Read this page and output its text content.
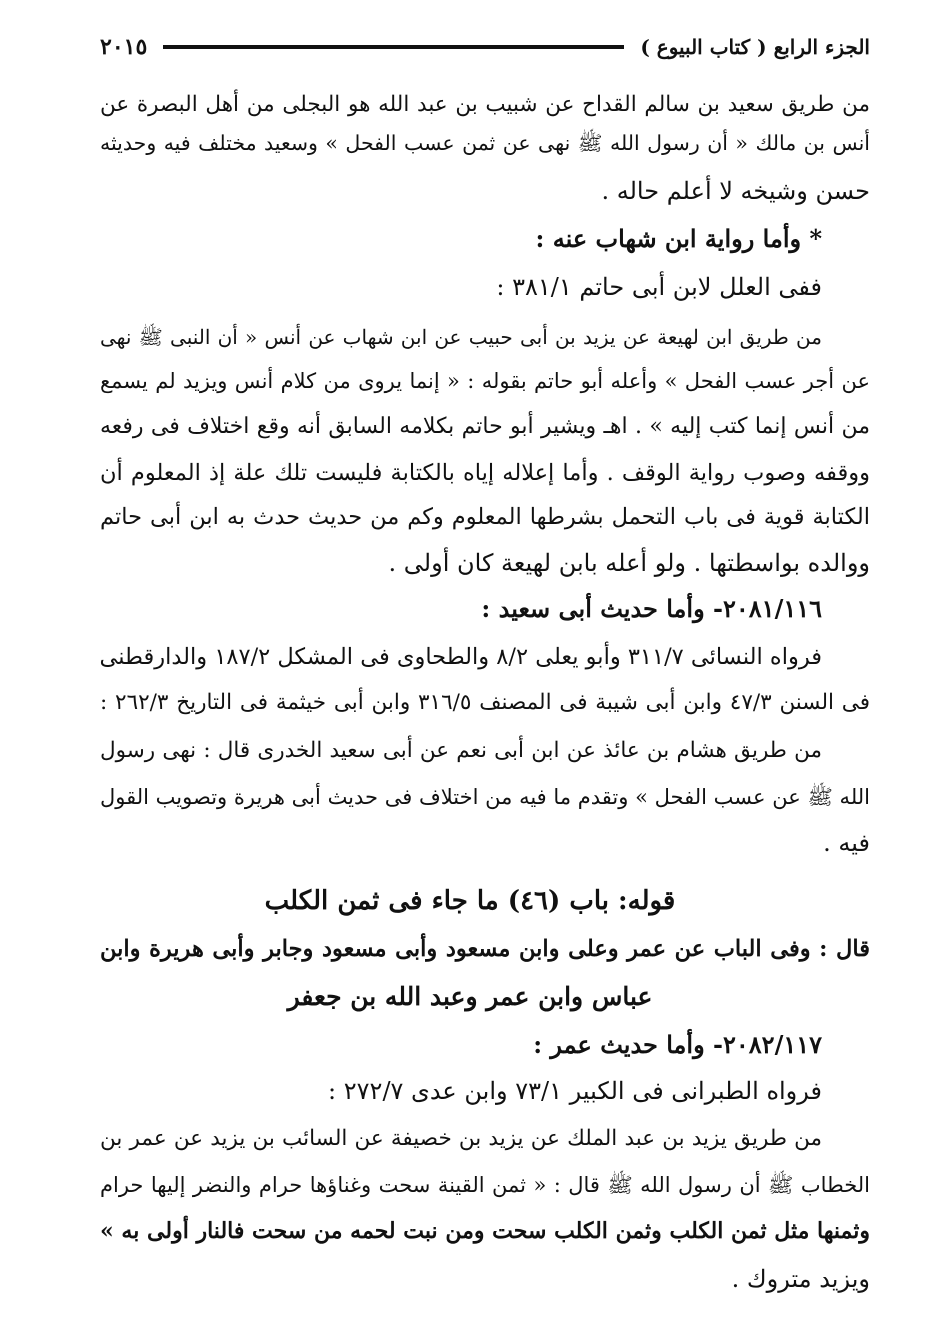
الجزء الرابع ( كتاب البيوع )
٢٠١٥
من طريق سعيد بن سالم القداح عن شبيب بن عبد الله هو البجلى من أهل البصرة عن
أنس بن مالك « أن رسول الله ﷺ نهى عن ثمن عسب الفحل » وسعيد مختلف فيه وحديثه
حسن وشيخه لا أعلم حاله .
* وأما رواية ابن شهاب عنه :
ففى العلل لابن أبى حاتم ٣٨١/١ :
من طريق ابن لهيعة عن يزيد بن أبى حبيب عن ابن شهاب عن أنس « أن النبى ﷺ نهى
عن أجر عسب الفحل » وأعله أبو حاتم بقوله : « إنما يروى من كلام أنس ويزيد لم يسمع
من أنس إنما كتب إليه » . اهـ ويشير أبو حاتم بكلامه السابق أنه وقع اختلاف فى رفعه
ووقفه وصوب رواية الوقف . وأما إعلاله إياه بالكتابة فليست تلك علة إذ المعلوم أن
الكتابة قوية فى باب التحمل بشرطها المعلوم وكم من حديث حدث به ابن أبى حاتم
ووالده بواسطتها . ولو أعله بابن لهيعة كان أولى .
٢٠٨١/١١٦- وأما حديث أبى سعيد :
فرواه النسائى ٣١١/٧ وأبو يعلى ٨/٢ والطحاوى فى المشكل ١٨٧/٢ والدارقطنى
فى السنن ٤٧/٣ وابن أبى شيبة فى المصنف ٣١٦/٥ وابن أبى خيثمة فى التاريخ ٢٦٢/٣ :
من طريق هشام بن عائذ عن ابن أبى نعم عن أبى سعيد الخدرى قال : نهى رسول
الله ﷺ عن عسب الفحل » وتقدم ما فيه من اختلاف فى حديث أبى هريرة وتصويب القول
فيه .
قوله: باب (٤٦) ما جاء فى ثمن الكلب
قال : وفى الباب عن عمر وعلى وابن مسعود وأبى مسعود وجابر وأبى هريرة وابن
عباس وابن عمر وعبد الله بن جعفر
٢٠٨٢/١١٧- وأما حديث عمر :
فرواه الطبرانى فى الكبير ٧٣/١ وابن عدى ٢٧٢/٧ :
من طريق يزيد بن عبد الملك عن يزيد بن خصيفة عن السائب بن يزيد عن عمر بن
الخطاب ﷺ أن رسول الله ﷺ قال : « ثمن القينة سحت وغناؤها حرام والنضر إليها حرام
وثمنها مثل ثمن الكلب وثمن الكلب سحت ومن نبت لحمه من سحت فالنار أولى به »
ويزيد متروك .
